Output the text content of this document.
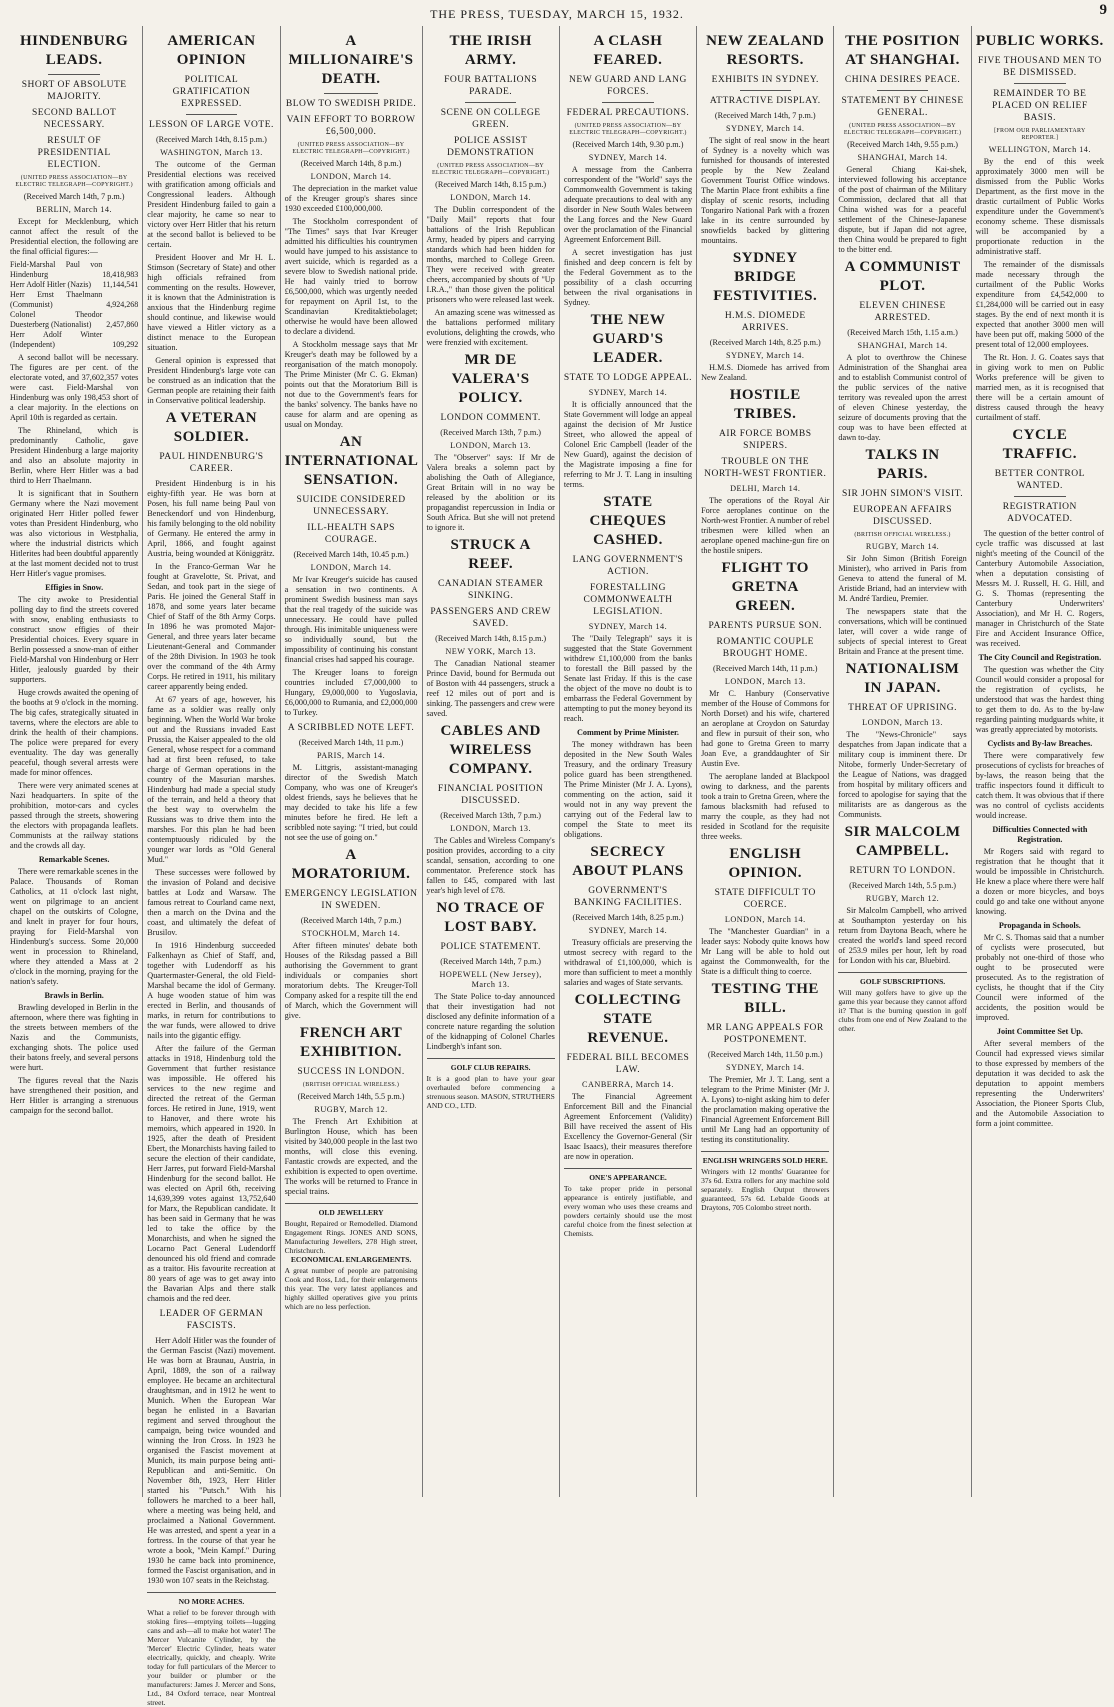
THE PRESS, TUESDAY, MARCH 15, 1932.	9
HINDENBURG LEADS.
SHORT OF ABSOLUTE MAJORITY.
SECOND BALLOT NECESSARY.
RESULT OF PRESIDENTIAL ELECTION.
(UNITED PRESS ASSOCIATION—BY ELECTRIC TELEGRAPH—COPYRIGHT.)
(Received March 14th, 7 p.m.)
BERLIN, March 14.

Except for Mecklenburg, which cannot affect the result of the Presidential election, the following are the final official figures:—

Field-Marshal Paul von Hindenburg	18,418,983
Herr Adolf Hitler (Nazis)	11,144,541
Herr Ernst Thaelmann (Communist)	4,924,268
Colonel Theodor Duesterberg (Nationalist)	2,457,860
Herr Adolf Winter (Independent)	109,292

A second ballot will be necessary. The figures are per cent. of the electorate voted, and 37,602,357 votes were cast. Field-Marshal von Hindenburg was only 198,453 short of a clear majority. In the elections on April 10th is regarded as certain.

The Rhineland, which is predominantly Catholic, gave President Hindenburg a large majority and also an absolute majority in Berlin, where Herr Hitler was a bad third to Herr Thaelmann.

It is significant that in Southern Germany where the Nazi movement originated Herr Hitler polled fewer votes than President Hindenburg, who was also victorious in Westphalia, where the industrial districts which Hitlerites had been doubtful apparently at the last moment decided not to trust Herr Hitler's vague promises.

Effigies in Snow.

The city awoke to Presidential polling day to find the streets covered with snow, enabling enthusiasts to construct snow effigies of their Presidential choices. Every square in Berlin possessed a snow-man of either Field-Marshal von Hindenburg or Herr Hitler, jealously guarded by their supporters.

Huge crowds awaited the opening of the booths at 9 o'clock in the morning. The big cafes, strategically situated in taverns, where the electors are able to drink the health of their champions. The police were prepared for every eventuality. The day was generally peaceful, though several arrests were made for minor offences.

There were very animated scenes at Nazi headquarters. In spite of the prohibition, motor-cars and cycles passed through the streets, showering the electors with propaganda leaflets. Communists at the railway stations and the crowds all day.

Remarkable Scenes.

There were remarkable scenes in the Palace. Thousands of Roman Catholics, at 11 o'clock last night, went on pilgrimage to an ancient chapel on the outskirts of Cologne, and knelt in prayer for four hours, praying for Field-Marshal von Hindenburg's success. Some 20,000 went in procession to Rhineland, where they attended a Mass at 2 o'clock in the morning, praying for the nation's safety.

Brawls in Berlin.

Brawling developed in Berlin in the afternoon, where there was fighting in the streets between members of the Nazis and the Communists, exchanging shots. The police used their batons freely, and several persons were hurt.

The figures reveal that the Nazis have strengthened their position, and Herr Hitler is arranging a strenuous campaign for the second ballot.

AMERICAN OPINION
POLITICAL GRATIFICATION EXPRESSED.
LESSON OF LARGE VOTE.
(Received March 14th, 8.15 p.m.)
WASHINGTON, March 13.

The outcome of the German Presidential elections was received with gratification among officials and Congressional leaders. Although President Hindenburg failed to gain a clear majority, he came so near to victory over Herr Hitler that his return at the second ballot is believed to be certain.

President Hoover and Mr H. L. Stimson (Secretary of State) and other high officials refrained from commenting on the results. However, it is known that the Administration is anxious that the Hindenburg regime should continue, and likewise would have viewed a Hitler victory as a distinct menace to the European situation.

General opinion is expressed that President Hindenburg's large vote can be construed as an indication that the German people are retaining their faith in Conservative political leadership.

A VETERAN SOLDIER.
PAUL HINDENBURG'S CAREER.

President Hindenburg is in his eighty-fifth year. He was born at Posen, his full name being Paul von Beneckendorf und von Hindenburg, his family belonging to the old nobility of Germany. He entered the army in April, 1866, and fought against Austria, being wounded at Königgrätz.

In the Franco-German War he fought at Gravelotte, St. Privat, and Sedan, and took part in the siege of Paris. He joined the General Staff in 1878, and some years later became Chief of Staff of the 8th Army Corps. In 1896 he was promoted Major-General, and three years later became Lieutenant-General and Commander of the 28th Division. In 1903 he took over the command of the 4th Army Corps. He retired in 1911, his military career apparently being ended.

At 67 years of age, however, his fame as a soldier was really only beginning. When the World War broke out and the Russians invaded East Prussia, the Kaiser appealed to the old General, whose respect for a command had at first been refused, to take charge of German operations in the country of the Masurian marshes. Hindenburg had made a special study of the terrain, and held a theory that the best way to overwhelm the Russians was to drive them into the marshes. For this plan he had been contemptuously ridiculed by the younger war lords as "Old General Mud."

These successes were followed by the invasion of Poland and decisive battles at Lodz and Warsaw. The famous retreat to Courland came next, then a march on the Dvina and the coast, and ultimately the defeat of Brusilov.

In 1916 Hindenburg succeeded Falkenhayn as Chief of Staff, and, together with Ludendorff as his Quartermaster-General, the old Field-Marshal became the idol of Germany. A huge wooden statue of him was erected in Berlin, and thousands of marks, in return for contributions to the war funds, were allowed to drive nails into the gigantic effigy.

After the failure of the German attacks in 1918, Hindenburg told the Government that further resistance was impossible. He offered his services to the new regime and directed the retreat of the German forces. He retired in June, 1919, went to Hanover, and there wrote his memoirs, which appeared in 1920. In 1925, after the death of President Ebert, the Monarchists having failed to secure the election of their candidate, Herr Jarres, put forward Field-Marshal Hindenburg for the second ballot. He was elected on April 6th, receiving 14,639,399 votes against 13,752,640 for Marx, the Republican candidate. It has been said in Germany that he was led to take the office by the Monarchists, and when he signed the Locarno Pact General Ludendorff denounced his old friend and comrade as a traitor. His favourite recreation at 80 years of age was to get away into the Bavarian Alps and there stalk chamois and the red deer.

LEADER OF GERMAN FASCISTS.

Herr Adolf Hitler was the founder of the German Fascist (Nazi) movement. He was born at Braunau, Austria, in April, 1889, the son of a railway employee. He became an architectural draughtsman, and in 1912 he went to Munich. When the European War began he enlisted in a Bavarian regiment and served throughout the campaign, being twice wounded and winning the Iron Cross. In 1923 he organised the Fascist movement at Munich, its main purpose being anti-Republican and anti-Semitic. On November 8th, 1923, Herr Hitler started his "Putsch." With his followers he marched to a beer hall, where a meeting was being held, and proclaimed a National Government. He was arrested, and spent a year in a fortress. In the course of that year he wrote a book, "Mein Kampf." During 1930 he came back into prominence, formed the Fascist organisation, and in 1930 won 107 seats in the Reichstag.

NO MORE ACHES.
What a relief to be forever through with stoking fires—emptying toilets—lugging cans and ash—all to make hot water! The Mercer Vulcanite Cylinder, by the 'Mercer' Electric Cylinder, heats water electrically, quickly, and cheaply. Write today for full particulars of the Mercer to your builder or plumber or the manufacturers: James J. Mercer and Sons, Ltd., 84 Oxford terrace, near Montreal street.
A MILLIONAIRE'S DEATH.
BLOW TO SWEDISH PRIDE.
VAIN EFFORT TO BORROW £6,500,000.
(UNITED PRESS ASSOCIATION—BY ELECTRIC TELEGRAPH—COPYRIGHT.)
(Received March 14th, 8 p.m.)
LONDON, March 14.

The depreciation in the market value of the Kreuger group's shares since 1930 exceeded £100,000,000.

The Stockholm correspondent of "The Times" says that Ivar Kreuger admitted his difficulties his countrymen would have jumped to his assistance to avert suicide, which is regarded as a severe blow to Swedish national pride. He had vainly tried to borrow £6,500,000, which was urgently needed for repayment on April 1st, to the Scandinavian Kreditaktiebolaget; otherwise he would have been allowed to declare a dividend.

A Stockholm message says that Mr Kreuger's death may be followed by a reorganisation of the match monopoly. The Prime Minister (Mr C. G. Ekman) points out that the Moratorium Bill is not due to the Government's fears for the banks' solvency. The banks have no cause for alarm and are opening as usual on Monday.

AN INTERNATIONAL SENSATION.
SUICIDE CONSIDERED UNNECESSARY.
ILL-HEALTH SAPS COURAGE.
(Received March 14th, 10.45 p.m.)
LONDON, March 14.

Mr Ivar Kreuger's suicide has caused a sensation in two continents. A prominent Swedish business man says that the real tragedy of the suicide was unnecessary. He could have pulled through. His inimitable uniqueness were so individually sound, but the impossibility of continuing his constant financial crises had sapped his courage.

The Kreuger loans to foreign countries included £7,000,000 to Hungary, £9,000,000 to Yugoslavia, £6,000,000 to Rumania, and £2,000,000 to Turkey.

A SCRIBBLED NOTE LEFT.
(Received March 14th, 11 p.m.)
PARIS, March 14.

M. Littgris, assistant-managing director of the Swedish Match Company, who was one of Kreuger's oldest friends, says he believes that he may decided to take his life a few minutes before he fired. He left a scribbled note saying: "I tried, but could not see the use of going on."

A MORATORIUM.
EMERGENCY LEGISLATION IN SWEDEN.
(Received March 14th, 7 p.m.)
STOCKHOLM, March 14.

After fifteen minutes' debate both Houses of the Riksdag passed a Bill authorising the Government to grant individuals or companies short moratorium debts. The Kreuger-Toll Company asked for a respite till the end of March, which the Government will give.

FRENCH ART EXHIBITION.
SUCCESS IN LONDON.
(BRITISH OFFICIAL WIRELESS.)
(Received March 14th, 5.5 p.m.)
RUGBY, March 12.

The French Art Exhibition at Burlington House, which has been visited by 340,000 people in the last two months, will close this evening. Fantastic crowds are expected, and the exhibition is expected to open overtime. The works will be returned to France in special trains.

OLD JEWELLERY
Bought, Repaired or Remodelled. Diamond Engagement Rings. JONES AND SONS, Manufacturing Jewellers, 278 High street, Christchurch.
ECONOMICAL ENLARGEMENTS.
A great number of people are patronising Cook and Ross, Ltd., for their enlargements this year. The very latest appliances and highly skilled operatives give you prints which are no less perfection.
THE IRISH ARMY.
FOUR BATTALIONS PARADE.
SCENE ON COLLEGE GREEN.
POLICE ASSIST DEMONSTRATION
(UNITED PRESS ASSOCIATION—BY ELECTRIC TELEGRAPH—COPYRIGHT.)
(Received March 14th, 8.15 p.m.)
LONDON, March 14.

The Dublin correspondent of the "Daily Mail" reports that four battalions of the Irish Republican Army, headed by pipers and carrying standards which had been hidden for months, marched to College Green. They were received with greater cheers, accompanied by shouts of "Up I.R.A.," than those given the political prisoners who were released last week.

An amazing scene was witnessed as the battalions performed military evolutions, delighting the crowds, who were frenzied with excitement.

MR DE VALERA'S POLICY.
LONDON COMMENT.
(Received March 13th, 7 p.m.)
LONDON, March 13.

The "Observer" says: If Mr de Valera breaks a solemn pact by abolishing the Oath of Allegiance, Great Britain will in no way be released by the abolition or its propagandist repercussion in India or South Africa. But she will not pretend to ignore it.

STRUCK A REEF.
CANADIAN STEAMER SINKING.
PASSENGERS AND CREW SAVED.
(Received March 14th, 8.15 p.m.)
NEW YORK, March 13.

The Canadian National steamer Prince David, bound for Bermuda out of Boston with 44 passengers, struck a reef 12 miles out of port and is sinking. The passengers and crew were saved.

CABLES AND WIRELESS COMPANY.
FINANCIAL POSITION DISCUSSED.
(Received March 13th, 7 p.m.)
LONDON, March 13.

The Cables and Wireless Company's position provides, according to a city scandal, sensation, according to one commentator. Preference stock has fallen to £45, compared with last year's high level of £78.

NO TRACE OF LOST BABY.
POLICE STATEMENT.
(Received March 14th, 7 p.m.)
HOPEWELL (New Jersey), March 13.

The State Police to-day announced that their investigation had not disclosed any definite information of a concrete nature regarding the solution of the kidnapping of Colonel Charles Lindbergh's infant son.

GOLF CLUB REPAIRS.
It is a good plan to have your gear overhauled before commencing a strenuous season. MASON, STRUTHERS AND CO., LTD.
A CLASH FEARED.
NEW GUARD AND LANG FORCES.
FEDERAL PRECAUTIONS.
(UNITED PRESS ASSOCIATION—BY ELECTRIC TELEGRAPH—COPYRIGHT.)
(Received March 14th, 9.30 p.m.)
SYDNEY, March 14.

A message from the Canberra correspondent of the "World" says the Commonwealth Government is taking adequate precautions to deal with any disorder in New South Wales between the Lang forces and the New Guard over the proclamation of the Financial Agreement Enforcement Bill.

A secret investigation has just finished and deep concern is felt by the Federal Government as to the possibility of a clash occurring between the rival organisations in Sydney.

THE NEW GUARD'S LEADER.
STATE TO LODGE APPEAL.
SYDNEY, March 14.

It is officially announced that the State Government will lodge an appeal against the decision of Mr Justice Street, who allowed the appeal of Colonel Eric Campbell (leader of the New Guard), against the decision of the Magistrate imposing a fine for referring to Mr J. T. Lang in insulting terms.

STATE CHEQUES CASHED.
LANG GOVERNMENT'S ACTION.
FORESTALLING COMMONWEALTH LEGISLATION.
SYDNEY, March 14.

The "Daily Telegraph" says it is suggested that the State Government withdrew £1,100,000 from the banks to forestall the Bill passed by the Senate last Friday. If this is the case the object of the move no doubt is to embarrass the Federal Government by attempting to put the money beyond its reach.

Comment by Prime Minister.

The money withdrawn has been deposited in the New South Wales Treasury, and the ordinary Treasury police guard has been strengthened. The Prime Minister (Mr J. A. Lyons), commenting on the action, said it would not in any way prevent the carrying out of the Federal law to compel the State to meet its obligations.

SECRECY ABOUT PLANS
GOVERNMENT'S BANKING FACILITIES.
(Received March 14th, 8.25 p.m.)
SYDNEY, March 14.

Treasury officials are preserving the utmost secrecy with regard to the withdrawal of £1,100,000, which is more than sufficient to meet a monthly salaries and wages of State servants.

COLLECTING STATE REVENUE.
FEDERAL BILL BECOMES LAW.
CANBERRA, March 14.

The Financial Agreement Enforcement Bill and the Financial Agreement Enforcement (Validity) Bill have received the assent of His Excellency the Governor-General (Sir Isaac Isaacs), their measures therefore are now in operation.

ONE'S APPEARANCE.
To take proper pride in personal appearance is entirely justifiable, and every woman who uses these creams and powders certainly should use the most careful choice from the finest selection at Chemists.
NEW ZEALAND RESORTS.
EXHIBITS IN SYDNEY.
ATTRACTIVE DISPLAY.
(Received March 14th, 7 p.m.)
SYDNEY, March 14.

The sight of real snow in the heart of Sydney is a novelty which was furnished for thousands of interested people by the New Zealand Government Tourist Office windows. The Martin Place front exhibits a fine display of scenic resorts, including Tongariro National Park with a frozen lake in its centre surrounded by snowfields backed by glittering mountains.

SYDNEY BRIDGE FESTIVITIES.
H.M.S. DIOMEDE ARRIVES.
(Received March 14th, 8.25 p.m.)
SYDNEY, March 14.

H.M.S. Diomede has arrived from New Zealand.

HOSTILE TRIBES.
AIR FORCE BOMBS SNIPERS.
TROUBLE ON THE NORTH-WEST FRONTIER.
DELHI, March 14.

The operations of the Royal Air Force aeroplanes continue on the North-west Frontier. A number of rebel tribesmen were killed when an aeroplane opened machine-gun fire on the hostile snipers.

FLIGHT TO GRETNA GREEN.
PARENTS PURSUE SON.
ROMANTIC COUPLE BROUGHT HOME.
(Received March 14th, 11 p.m.)
LONDON, March 13.

Mr C. Hanbury (Conservative member of the House of Commons for North Dorset) and his wife, chartered an aeroplane at Croydon on Saturday and flew in pursuit of their son, who had gone to Gretna Green to marry Joan Eve, a granddaughter of Sir Austin Eve.

The aeroplane landed at Blackpool owing to darkness, and the parents took a train to Gretna Green, where the famous blacksmith had refused to marry the couple, as they had not resided in Scotland for the requisite three weeks.

ENGLISH OPINION.
STATE DIFFICULT TO COERCE.
LONDON, March 14.

The "Manchester Guardian" in a leader says: Nobody quite knows how Mr Lang will be able to hold out against the Commonwealth, for the State is a difficult thing to coerce.

TESTING THE BILL.
MR LANG APPEALS FOR POSTPONEMENT.
(Received March 14th, 11.50 p.m.)
SYDNEY, March 14.

The Premier, Mr J. T. Lang, sent a telegram to the Prime Minister (Mr J. A. Lyons) to-night asking him to defer the proclamation making operative the Financial Agreement Enforcement Bill until Mr Lang had an opportunity of testing its constitutionality.

ENGLISH WRINGERS SOLD HERE.
Wringers with 12 months' Guarantee for 37s 6d. Extra rollers for any machine sold separately. English Output throwers guaranteed, 57s 6d. Lebalde Goods at Draytons, 705 Colombo street north.
THE POSITION AT SHANGHAI.
CHINA DESIRES PEACE.
STATEMENT BY CHINESE GENERAL.
(UNITED PRESS ASSOCIATION—BY ELECTRIC TELEGRAPH—COPYRIGHT.)
(Received March 14th, 9.55 p.m.)
SHANGHAI, March 14.

General Chiang Kai-shek, interviewed following his acceptance of the post of chairman of the Military Commission, declared that all that China wished was for a peaceful settlement of the Chinese-Japanese dispute, but if Japan did not agree, then China would be prepared to fight to the bitter end.

A COMMUNIST PLOT.
ELEVEN CHINESE ARRESTED.
(Received March 15th, 1.15 a.m.)
SHANGHAI, March 14.

A plot to overthrow the Chinese Administration of the Shanghai area and to establish Communist control of the public services of the native territory was revealed upon the arrest of eleven Chinese yesterday, the seizure of documents proving that the coup was to have been effected at dawn to-day.

TALKS IN PARIS.
SIR JOHN SIMON'S VISIT.
EUROPEAN AFFAIRS DISCUSSED.
(BRITISH OFFICIAL WIRELESS.)
RUGBY, March 14.

Sir John Simon (British Foreign Minister), who arrived in Paris from Geneva to attend the funeral of M. Aristide Briand, had an interview with M. André Tardieu, Premier.

The newspapers state that the conversations, which will be continued later, will cover a wide range of subjects of special interest to Great Britain and France at the present time.

NATIONALISM IN JAPAN.
THREAT OF UPRISING.
LONDON, March 13.

The "News-Chronicle" says despatches from Japan indicate that a military coup is imminent there. Dr Nitobe, formerly Under-Secretary of the League of Nations, was dragged from hospital by military officers and forced to apologise for saying that the militarists are as dangerous as the Communists.

SIR MALCOLM CAMPBELL.
RETURN TO LONDON.
(Received March 14th, 5.5 p.m.)
RUGBY, March 12.

Sir Malcolm Campbell, who arrived at Southampton yesterday on his return from Daytona Beach, where he created the world's land speed record of 253.9 miles per hour, left by road for London with his car, Bluebird.

GOLF SUBSCRIPTIONS.
Will many golfers have to give up the game this year because they cannot afford it? That is the burning question in golf clubs from one end of New Zealand to the other.
PUBLIC WORKS.
FIVE THOUSAND MEN TO BE DISMISSED.
REMAINDER TO BE PLACED ON RELIEF BASIS.
[FROM OUR PARLIAMENTARY REPORTER.]
WELLINGTON, March 14.

By the end of this week approximately 3000 men will be dismissed from the Public Works Department, as the first move in the drastic curtailment of Public Works expenditure under the Government's economy scheme. These dismissals will be accompanied by a proportionate reduction in the administrative staff.

The remainder of the dismissals made necessary through the curtailment of the Public Works expenditure from £4,542,000 to £1,284,000 will be carried out in easy stages. By the end of next month it is expected that another 3000 men will have been put off, making 5000 of the present total of 12,000 employees.

The Rt. Hon. J. G. Coates says that in giving work to men on Public Works preference will be given to married men, as it is recognised that there will be a certain amount of distress caused through the heavy curtailment of staff.

CYCLE TRAFFIC.
BETTER CONTROL WANTED.
REGISTRATION ADVOCATED.

The question of the better control of cycle traffic was discussed at last night's meeting of the Council of the Canterbury Automobile Association, when a deputation consisting of Messrs M. J. Russell, H. G. Hill, and G. S. Thomas (representing the Canterbury Underwriters' Association), and Mr H. C. Rogers, manager in Christchurch of the State Fire and Accident Insurance Office, was received.

The City Council and Registration.

The question was whether the City Council would consider a proposal for the registration of cyclists, he understood that was the hardest thing to get them to do. As to the by-law regarding painting mudguards white, it was greatly appreciated by motorists.

Cyclists and By-law Breaches.

There were comparatively few prosecutions of cyclists for breaches of by-laws, the reason being that the traffic inspectors found it difficult to catch them. It was obvious that if there was no control of cyclists accidents would increase.

Difficulties Connected with Registration.

Mr Rogers said with regard to registration that he thought that it would be impossible in Christchurch. He knew a place where there were half a dozen or more bicycles, and boys could go and take one without anyone knowing.

Propaganda in Schools.

Mr C. S. Thomas said that a number of cyclists were prosecuted, but probably not one-third of those who ought to be prosecuted were prosecuted. As to the registration of cyclists, he thought that if the City Council were informed of the accidents, the position would be improved.

Joint Committee Set Up.

After several members of the Council had expressed views similar to those expressed by members of the deputation it was decided to ask the deputation to appoint members representing the Underwriters' Association, the Pioneer Sports Club, and the Automobile Association to form a joint committee.
